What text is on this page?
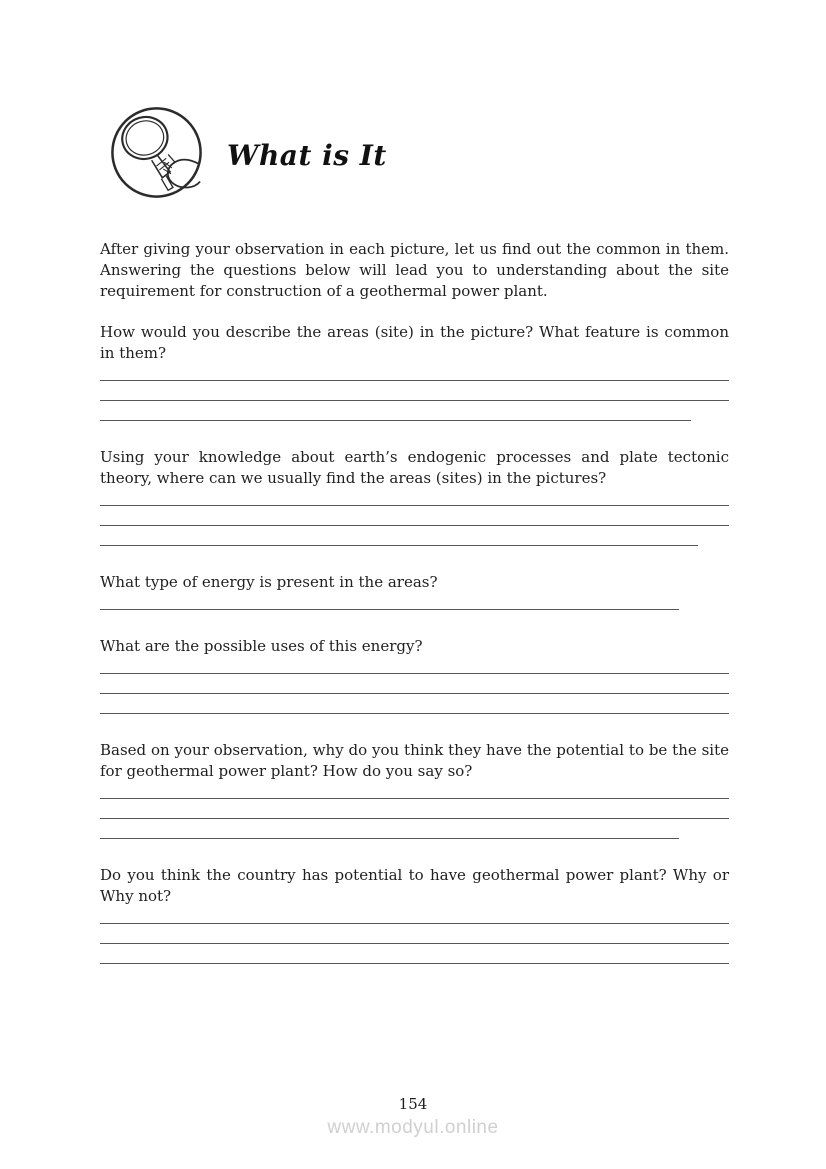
What is It

After giving your observation in each picture, let us find out the common in them. Answering the questions below will lead you to understanding about the site requirement for construction of a geothermal power plant.

How would you describe the areas (site) in the picture? What feature is common in them?

Using your knowledge about earth’s endogenic processes and plate tectonic theory, where can we usually find the areas (sites) in the pictures?

What type of energy is present in the areas?

What are the possible uses of this energy?

Based on your observation, why do you think they have the potential to be the site for geothermal power plant? How do you say so?

Do you think the country has potential to have geothermal power plant? Why or Why not?

154
www.modyul.online
